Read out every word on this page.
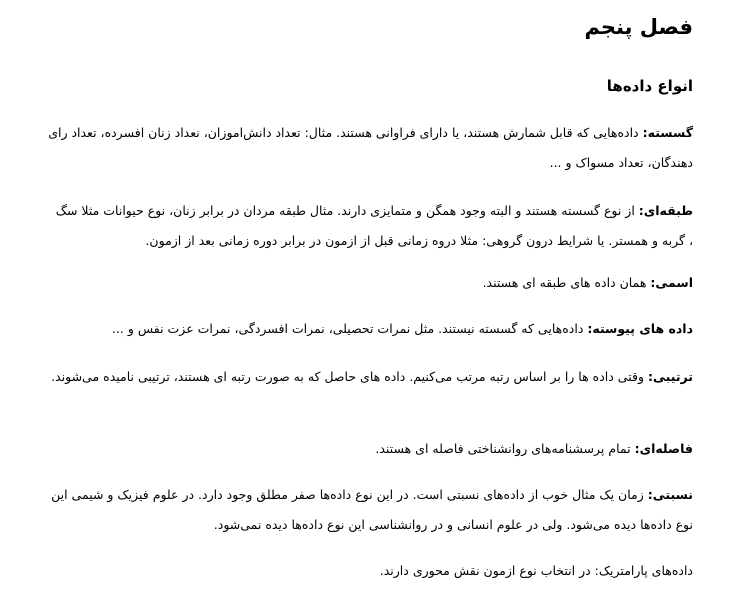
فصل پنجم
انواع داده‌ها

گسسته: داده‌هایی که قابل شمارش هستند، یا دارای فراوانی هستند. مثال: تعداد دانش‌اموزان، نعداد زنان افسرده، تعداد رای دهندگان، تعداد مسواک و ...

طبقه‌ای: از نوع گسسته هستند و البته وجود همگن و متمایزی دارند. مثال طبقه مردان در برابر زنان، نوع حیوانات مثلا سگ ، گربه و همستر. یا شرایط درون گروهی: مثلا دروه زمانی قبل از ازمون در برابر دوره زمانی بعد از ازمون.

اسمی: همان داده های طبقه ای هستند.

داده های پیوسته: داده‌هایی که گسسته نیستند. مثل نمرات تحصیلی، نمرات افسردگی، نمرات عزت نفس و ...

ترتیبی: وقتی داده ها را بر اساس رتبه مرتب می‌کنیم. داده های حاصل که به صورت رتبه ای هستند، ترتیبی نامیده می‌شوند.

فاصله‌ای: تمام پرسشنامه‌های روانشناختی فاصله ای هستند.

نسبتی: زمان یک مثال خوب از داده‌های نسبتی است. در این نوع داده‌ها صفر مطلق وجود دارد. در علوم فیزیک و شیمی این نوع داده‌ها دیده می‌شود. ولی در علوم انسانی و در روانشناسی این نوع داده‌ها دیده نمی‌شود.

داده‌های پارامتریک: در انتخاب نوع ازمون نقش محوری دارند.
